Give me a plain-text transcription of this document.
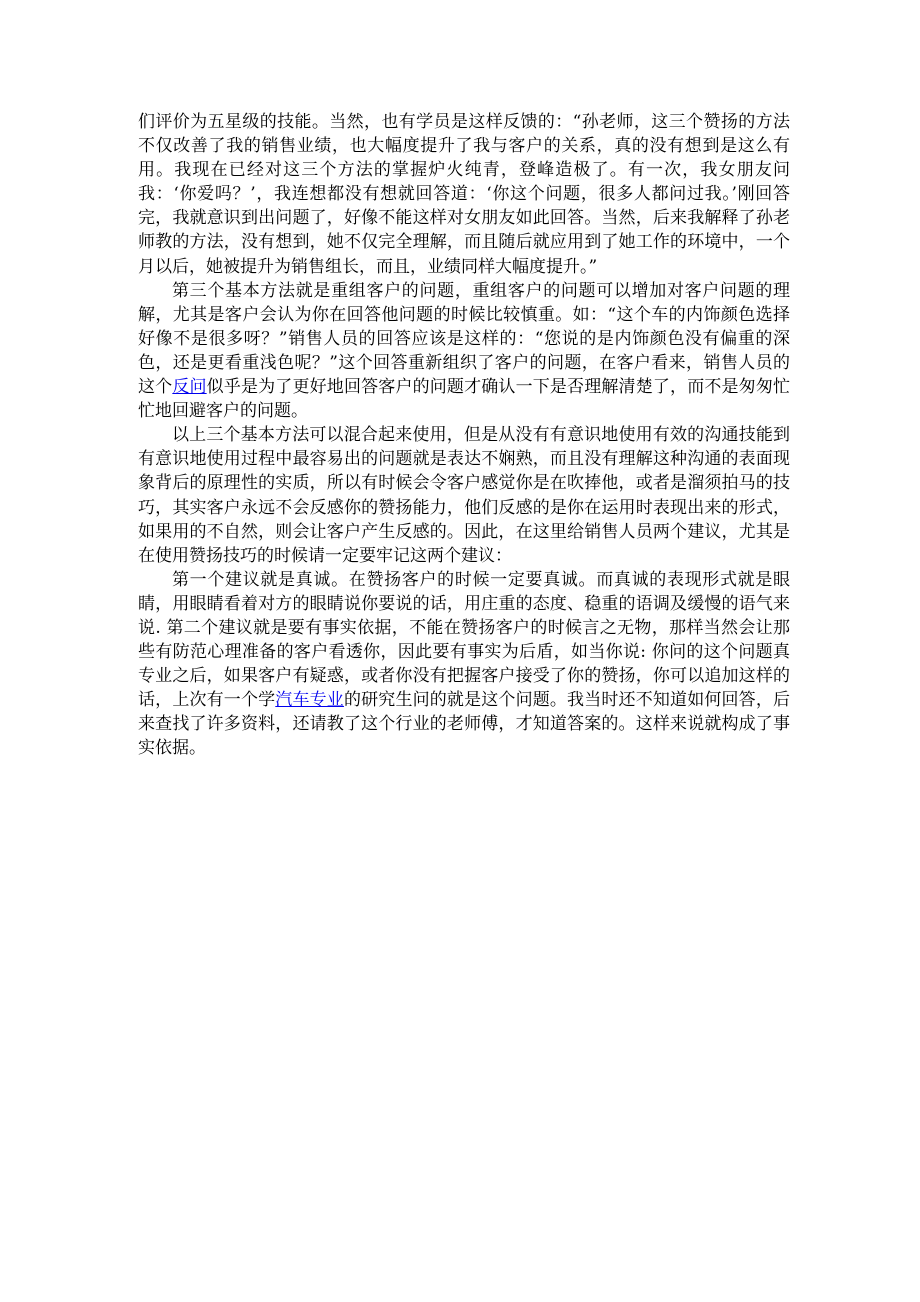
们评价为五星级的技能。当然，也有学员是这样反馈的：“孙老师，这三个赞扬的方法不仅改善了我的销售业绩，也大幅度提升了我与客户的关系，真的没有想到是这么有用。我现在已经对这三个方法的掌握炉火纯青，登峰造极了。有一次，我女朋友问我：‘你爱吗？’，我连想都没有想就回答道：‘你这个问题，很多人都问过我。’刚回答完，我就意识到出问题了，好像不能这样对女朋友如此回答。当然，后来我解释了孙老师教的方法，没有想到，她不仅完全理解，而且随后就应用到了她工作的环境中，一个月以后，她被提升为销售组长，而且，业绩同样大幅度提升。”

第三个基本方法就是重组客户的问题，重组客户的问题可以增加对客户问题的理解，尤其是客户会认为你在回答他问题的时候比较慎重。如：“这个车的内饰颜色选择好像不是很多呀？”销售人员的回答应该是这样的：“您说的是内饰颜色没有偏重的深色，还是更看重浅色呢？”这个回答重新组织了客户的问题，在客户看来，销售人员的这个反问似乎是为了更好地回答客户的问题才确认一下是否理解清楚了，而不是匆匆忙忙地回避客户的问题。

以上三个基本方法可以混合起来使用，但是从没有有意识地使用有效的沟通技能到有意识地使用过程中最容易出的问题就是表达不娴熟，而且没有理解这种沟通的表面现象背后的原理性的实质，所以有时候会令客户感觉你是在吹捧他，或者是溜须拍马的技巧，其实客户永远不会反感你的赞扬能力，他们反感的是你在运用时表现出来的形式，如果用的不自然，则会让客户产生反感的。因此，在这里给销售人员两个建议，尤其是在使用赞扬技巧的时候请一定要牢记这两个建议：

第一个建议就是真诚。在赞扬客户的时候一定要真诚。而真诚的表现形式就是眼睛，用眼睛看着对方的眼睛说你要说的话，用庄重的态度、稳重的语调及缓慢的语气来说. 第二个建议就是要有事实依据，不能在赞扬客户的时候言之无物，那样当然会让那些有防范心理准备的客户看透你，因此要有事实为后盾，如当你说: 你问的这个问题真专业之后，如果客户有疑惑，或者你没有把握客户接受了你的赞扬，你可以追加这样的话，上次有一个学汽车专业的研究生问的就是这个问题。我当时还不知道如何回答，后来查找了许多资料，还请教了这个行业的老师傅，才知道答案的。这样来说就构成了事实依据。
